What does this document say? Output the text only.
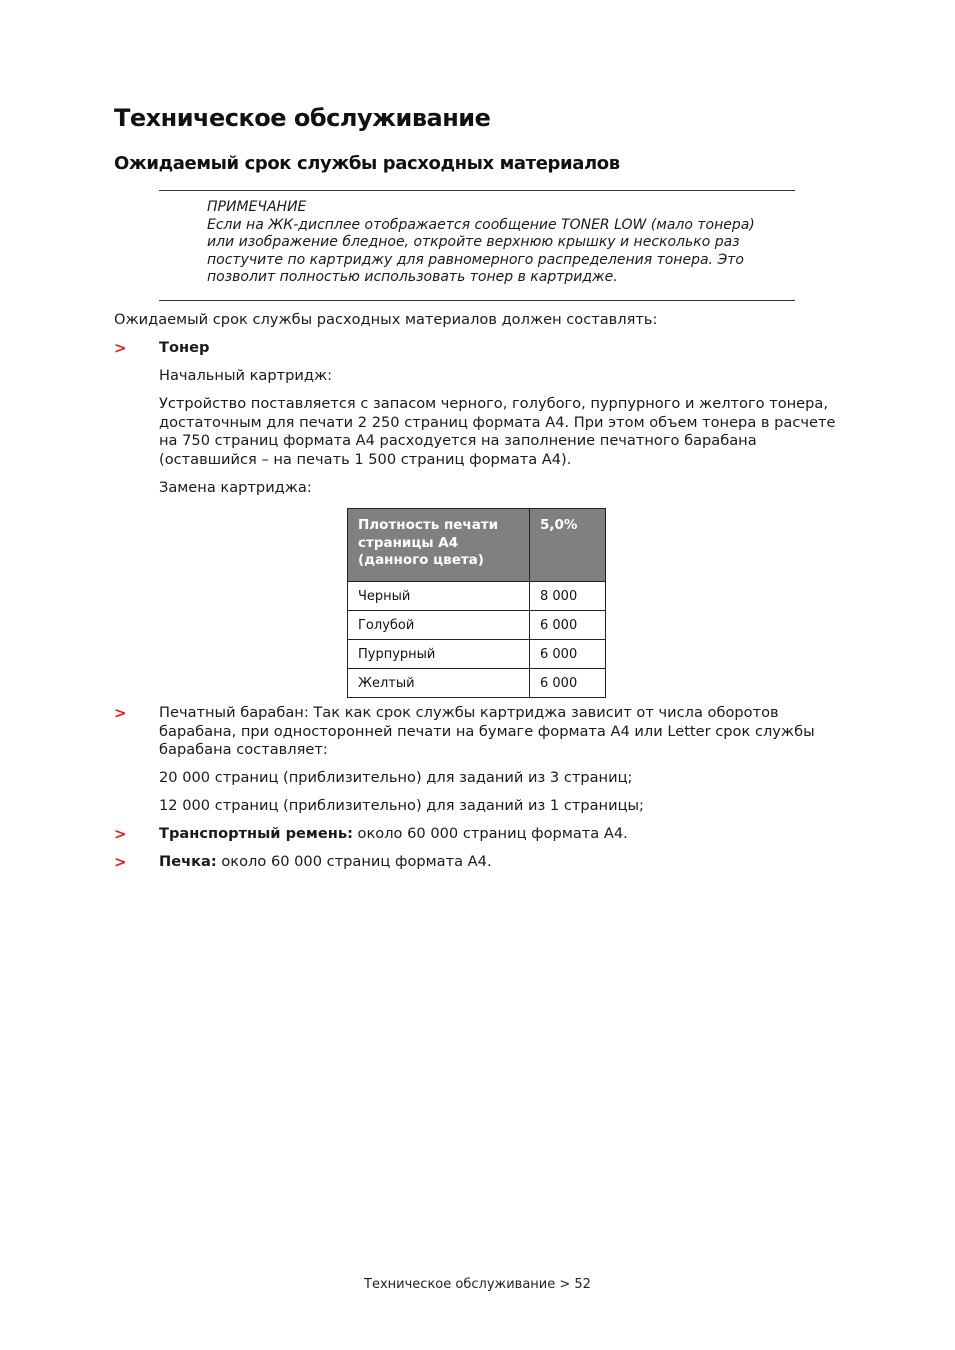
Техническое обслуживание
Ожидаемый срок службы расходных материалов
ПРИМЕЧАНИЕ
Если на ЖК-дисплее отображается сообщение TONER LOW (мало тонера)
или изображение бледное, откройте верхнюю крышку и несколько раз
постучите по картриджу для равномерного распределения тонера. Это
позволит полностью использовать тонер в картридже.

Ожидаемый срок службы расходных материалов должен составлять:

> Тонер

Начальный картридж:

Устройство поставляется с запасом черного, голубого, пурпурного и желтого тонера,
достаточным для печати 2 250 страниц формата A4. При этом объем тонера в расчете
на 750 страниц формата A4 расходуется на заполнение печатного барабана
(оставшийся – на печать 1 500 страниц формата A4).

Замена картриджа:

Плотность печати страницы A4 (данного цвета)	5,0%
Черный	8 000
Голубой	6 000
Пурпурный	6 000
Желтый	6 000
> Печатный барабан: Так как срок службы картриджа зависит от числа оборотов
барабана, при односторонней печати на бумаге формата A4 или Letter срок службы
барабана составляет:

20 000 страниц (приблизительно) для заданий из 3 страниц;

12 000 страниц (приблизительно) для заданий из 1 страницы;

> Транспортный ремень: около 60 000 страниц формата A4.

> Печка: около 60 000 страниц формата A4.

Техническое обслуживание > 52
